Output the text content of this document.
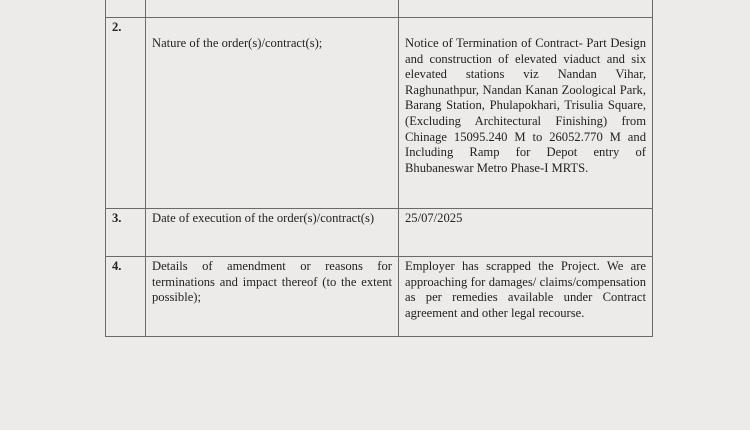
2.
Nature of the order(s)/contract(s);	Notice of Termination of Contract- Part Design and construction of elevated viaduct and six elevated stations viz Nandan Vihar, Raghunathpur, Nandan Kanan Zoological Park, Barang Station, Phulapokhari, Trisulia Square, (Excluding Architectural Finishing) from Chinage 15095.240 M to 26052.770 M and Including Ramp for Depot entry of Bhubaneswar Metro Phase-I MRTS.
3. Date of execution of the order(s)/contract(s)	25/07/2025
4. Details of amendment or reasons for terminations and impact thereof (to the extent possible);
Employer has scrapped the Project. We are approaching for damages/ claims/compensation as per remedies available under Contract agreement and other legal recourse.
